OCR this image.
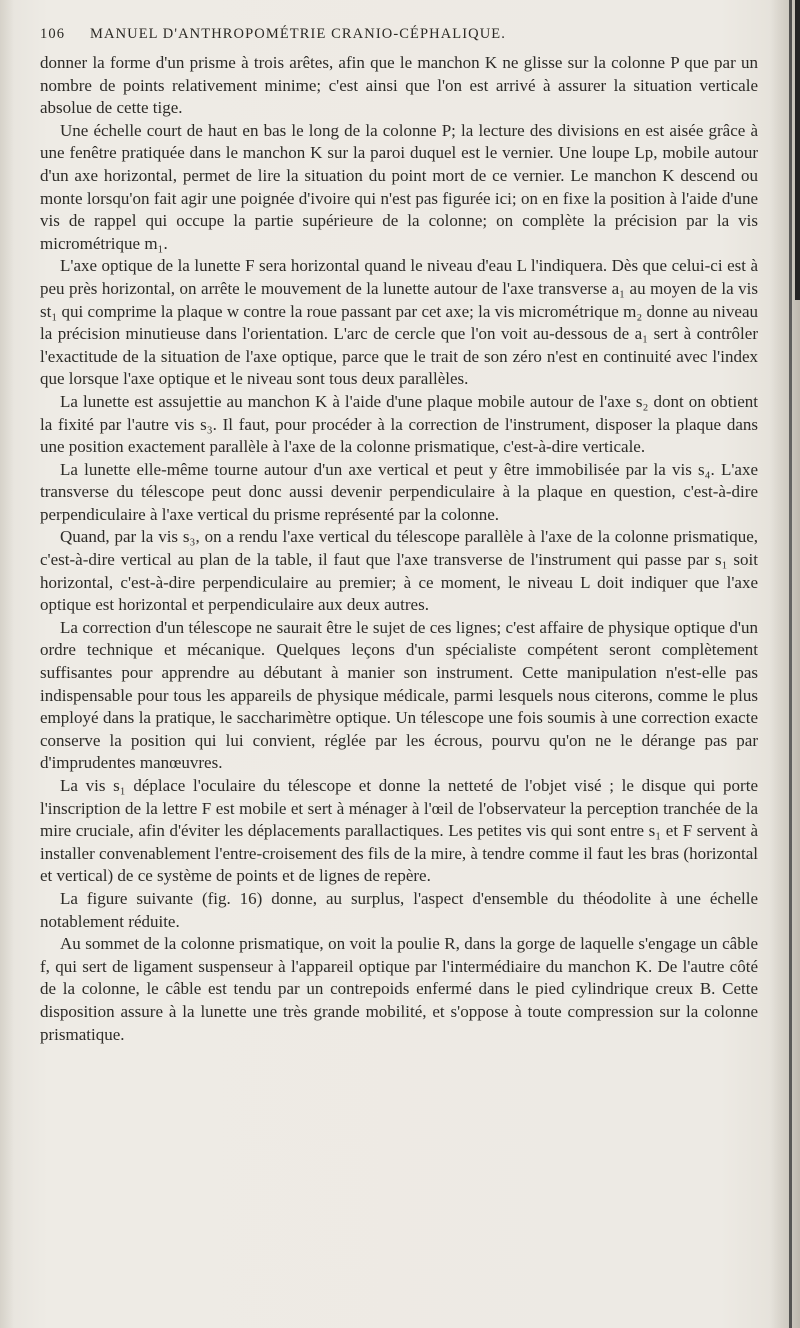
106 MANUEL D'ANTHROPOMÉTRIE CRANIO-CÉPHALIQUE.

donner la forme d'un prisme à trois arêtes, afin que le manchon K ne glisse sur la colonne P que par un nombre de points relativement minime; c'est ainsi que l'on est arrivé à assurer la situation verticale absolue de cette tige.

Une échelle court de haut en bas le long de la colonne P; la lecture des divisions en est aisée grâce à une fenêtre pratiquée dans le manchon K sur la paroi duquel est le vernier. Une loupe Lp, mobile autour d'un axe horizontal, permet de lire la situation du point mort de ce vernier. Le manchon K descend ou monte lorsqu'on fait agir une poignée d'ivoire qui n'est pas figurée ici; on en fixe la position à l'aide d'une vis de rappel qui occupe la partie supérieure de la colonne; on complète la précision par la vis micrométrique m₁.

L'axe optique de la lunette F sera horizontal quand le niveau d'eau L l'indiquera. Dès que celui-ci est à peu près horizontal, on arrête le mouvement de la lunette autour de l'axe transverse a₁ au moyen de la vis st₁ qui comprime la plaque w contre la roue passant par cet axe; la vis micrométrique m₂ donne au niveau la précision minutieuse dans l'orientation. L'arc de cercle que l'on voit au-dessous de a₁ sert à contrôler l'exactitude de la situation de l'axe optique, parce que le trait de son zéro n'est en continuité avec l'index que lorsque l'axe optique et le niveau sont tous deux parallèles.

La lunette est assujettie au manchon K à l'aide d'une plaque mobile autour de l'axe s₂ dont on obtient la fixité par l'autre vis s₃. Il faut, pour procéder à la correction de l'instrument, disposer la plaque dans une position exactement parallèle à l'axe de la colonne prismatique, c'est-à-dire verticale.

La lunette elle-même tourne autour d'un axe vertical et peut y être immobilisée par la vis s₄. L'axe transverse du télescope peut donc aussi devenir perpendiculaire à la plaque en question, c'est-à-dire perpendiculaire à l'axe vertical du prisme représenté par la colonne.

Quand, par la vis s₃, on a rendu l'axe vertical du télescope parallèle à l'axe de la colonne prismatique, c'est-à-dire vertical au plan de la table, il faut que l'axe transverse de l'instrument qui passe par s₁ soit horizontal, c'est-à-dire perpendiculaire au premier; à ce moment, le niveau L doit indiquer que l'axe optique est horizontal et perpendiculaire aux deux autres.

La correction d'un télescope ne saurait être le sujet de ces lignes; c'est affaire de physique optique d'un ordre technique et mécanique. Quelques leçons d'un spécialiste compétent seront complètement suffisantes pour apprendre au débutant à manier son instrument. Cette manipulation n'est-elle pas indispensable pour tous les appareils de physique médicale, parmi lesquels nous citerons, comme le plus employé dans la pratique, le saccharimètre optique. Un télescope une fois soumis à une correction exacte conserve la position qui lui convient, réglée par les écrous, pourvu qu'on ne le dérange pas par d'imprudentes manœuvres.

La vis s₁ déplace l'oculaire du télescope et donne la netteté de l'objet visé ; le disque qui porte l'inscription de la lettre F est mobile et sert à ménager à l'œil de l'observateur la perception tranchée de la mire cruciale, afin d'éviter les déplacements parallactiques. Les petites vis qui sont entre s₁ et F servent à installer convenablement l'entre-croisement des fils de la mire, à tendre comme il faut les bras (horizontal et vertical) de ce système de points et de lignes de repère.

La figure suivante (fig. 16) donne, au surplus, l'aspect d'ensemble du théodolite à une échelle notablement réduite.

Au sommet de la colonne prismatique, on voit la poulie R, dans la gorge de laquelle s'engage un câble f, qui sert de ligament suspenseur à l'appareil optique par l'intermédiaire du manchon K. De l'autre côté de la colonne, le câble est tendu par un contrepoids enfermé dans le pied cylindrique creux B. Cette disposition assure à la lunette une très grande mobilité, et s'oppose à toute compression sur la colonne prismatique.
